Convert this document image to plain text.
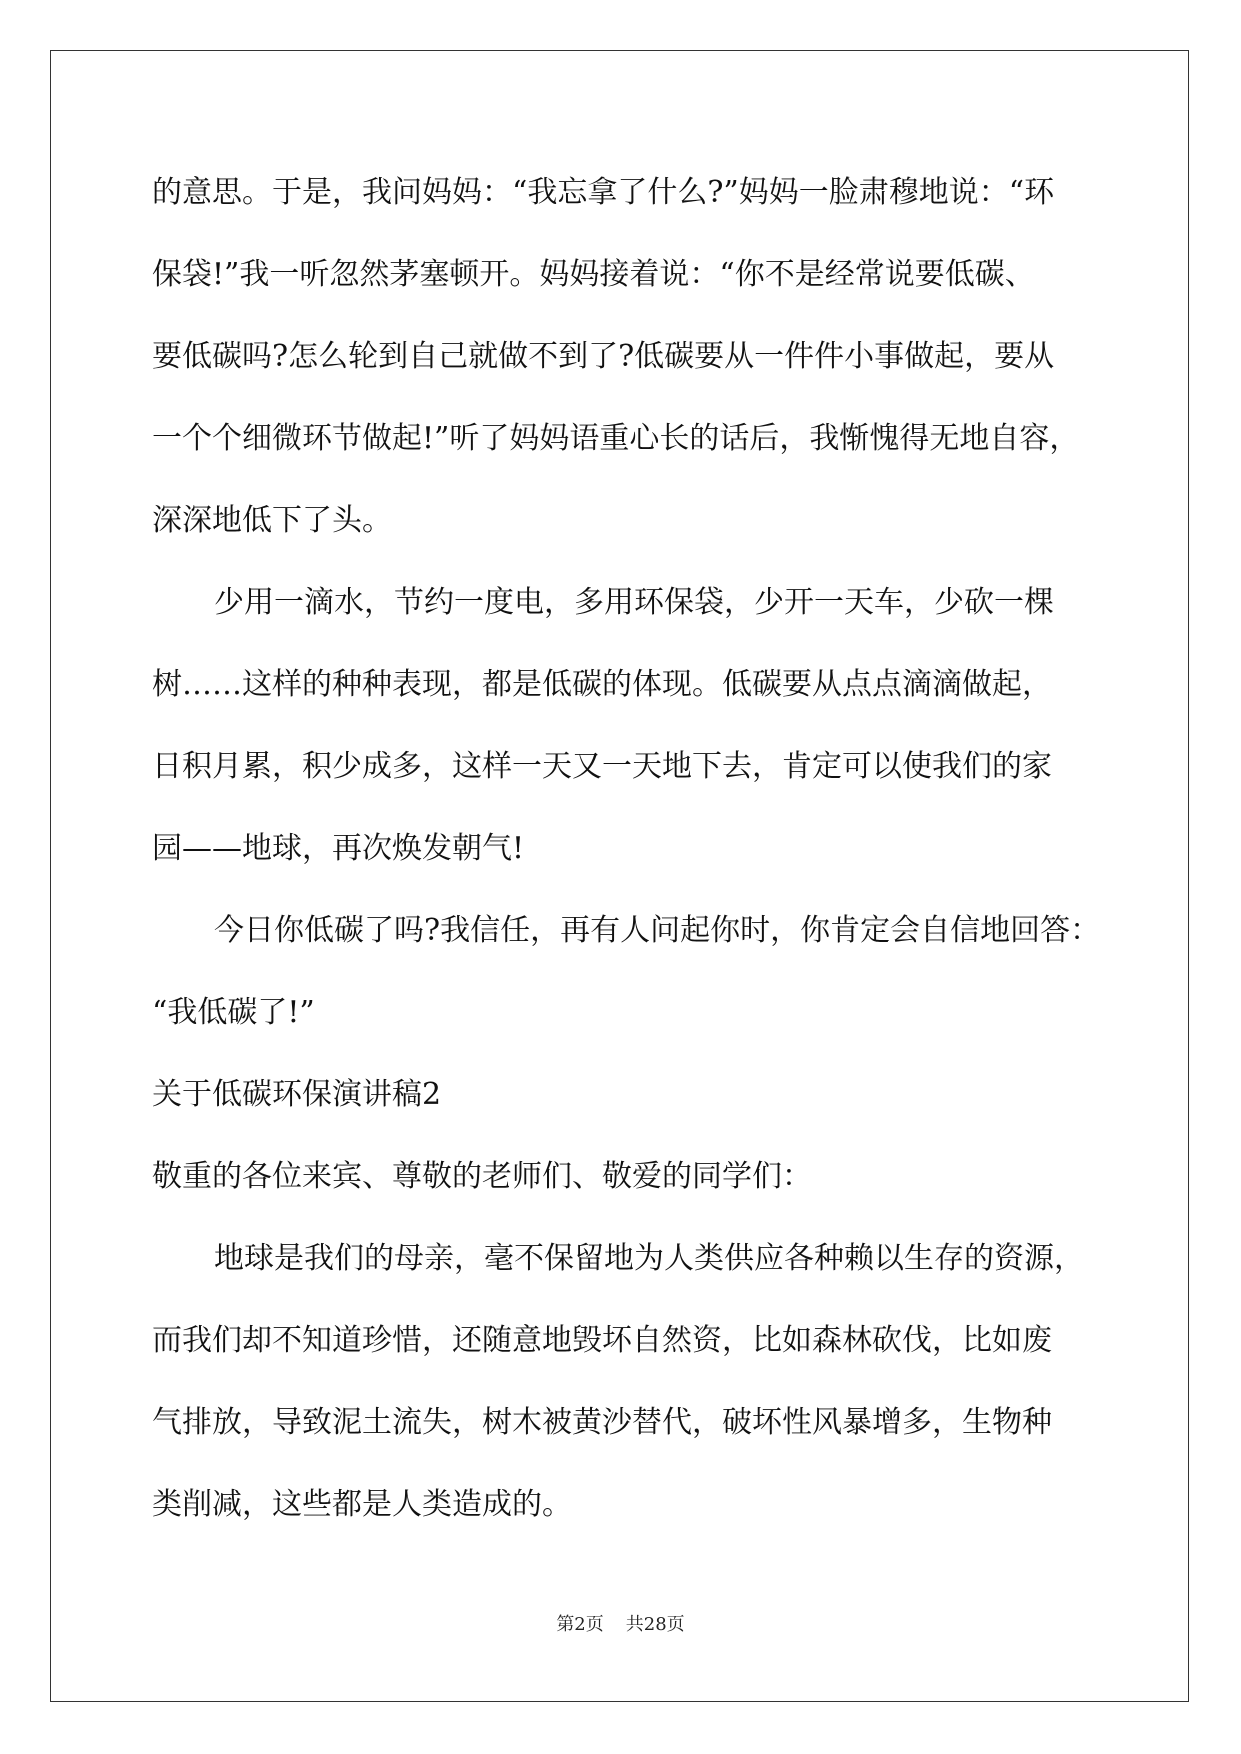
的意思。于是，我问妈妈：“我忘拿了什么?”妈妈一脸肃穆地说：“环
保袋!”我一听忽然茅塞顿开。妈妈接着说：“你不是经常说要低碳、
要低碳吗?怎么轮到自己就做不到了?低碳要从一件件小事做起，要从
一个个细微环节做起!”听了妈妈语重心长的话后，我惭愧得无地自容，
深深地低下了头。
少用一滴水，节约一度电，多用环保袋，少开一天车，少砍一棵
树……这样的种种表现，都是低碳的体现。低碳要从点点滴滴做起，
日积月累，积少成多，这样一天又一天地下去，肯定可以使我们的家
园——地球，再次焕发朝气!
今日你低碳了吗?我信任，再有人问起你时，你肯定会自信地回答：
“我低碳了!”
关于低碳环保演讲稿2
敬重的各位来宾、尊敬的老师们、敬爱的同学们：
地球是我们的母亲，毫不保留地为人类供应各种赖以生存的资源，
而我们却不知道珍惜，还随意地毁坏自然资，比如森林砍伐，比如废
气排放，导致泥土流失，树木被黄沙替代，破坏性风暴增多，生物种
类削减，这些都是人类造成的。
第2页 共28页
